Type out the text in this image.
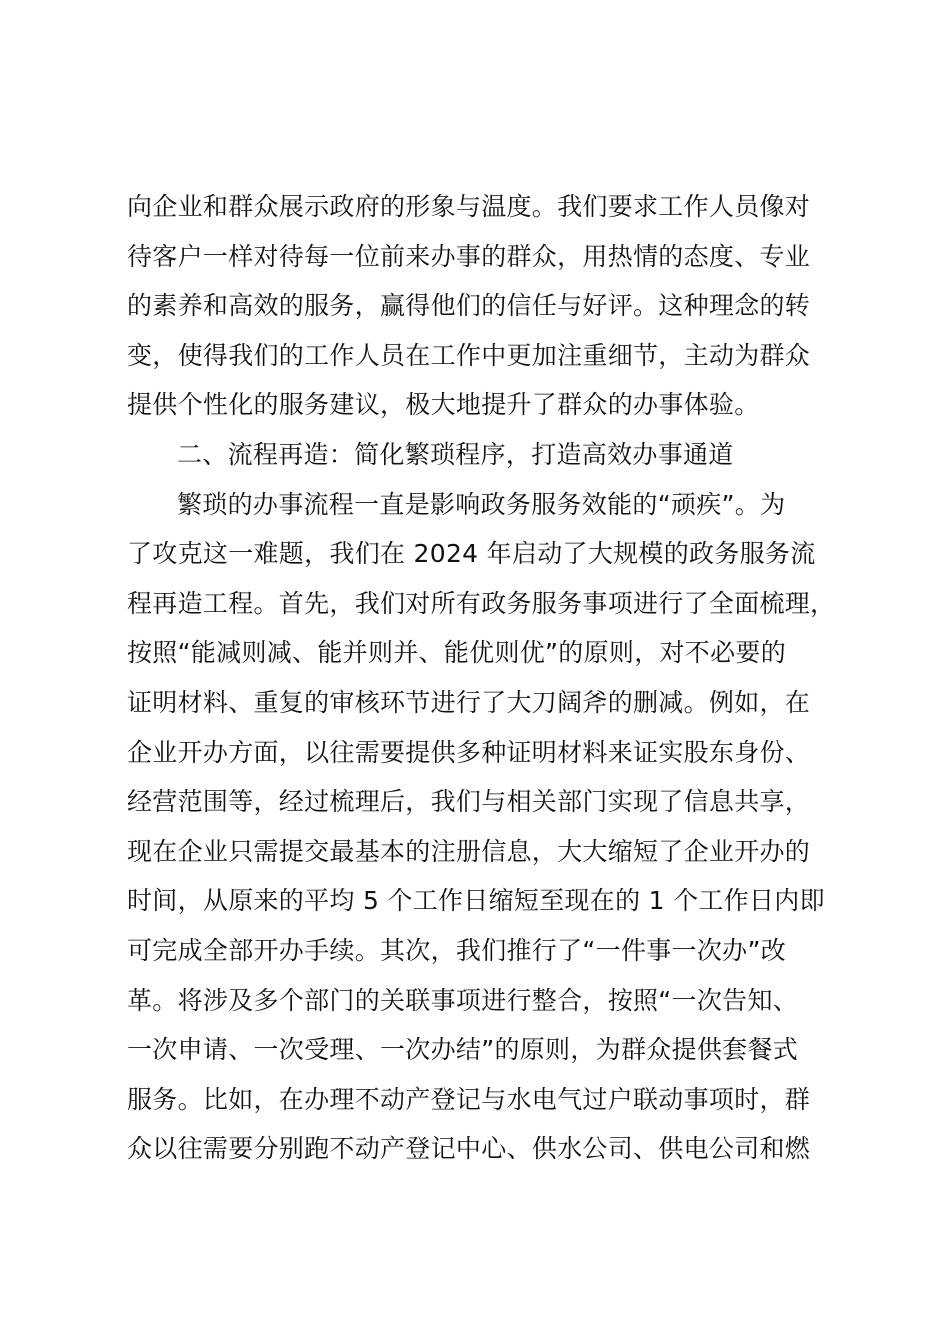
向企业和群众展示政府的形象与温度。我们要求工作人员像对
待客户一样对待每一位前来办事的群众，用热情的态度、专业
的素养和高效的服务，赢得他们的信任与好评。这种理念的转
变，使得我们的工作人员在工作中更加注重细节，主动为群众
提供个性化的服务建议，极大地提升了群众的办事体验。
二、流程再造：简化繁琐程序，打造高效办事通道
繁琐的办事流程一直是影响政务服务效能的“顽疾”。为
了攻克这一难题，我们在 2024 年启动了大规模的政务服务流
程再造工程。首先，我们对所有政务服务事项进行了全面梳理，
按照“能减则减、能并则并、能优则优”的原则，对不必要的
证明材料、重复的审核环节进行了大刀阔斧的删减。例如，在
企业开办方面，以往需要提供多种证明材料来证实股东身份、
经营范围等，经过梳理后，我们与相关部门实现了信息共享，
现在企业只需提交最基本的注册信息，大大缩短了企业开办的
时间，从原来的平均 5 个工作日缩短至现在的 1 个工作日内即
可完成全部开办手续。其次，我们推行了“一件事一次办”改
革。将涉及多个部门的关联事项进行整合，按照“一次告知、
一次申请、一次受理、一次办结”的原则，为群众提供套餐式
服务。比如，在办理不动产登记与水电气过户联动事项时，群
众以往需要分别跑不动产登记中心、供水公司、供电公司和燃
